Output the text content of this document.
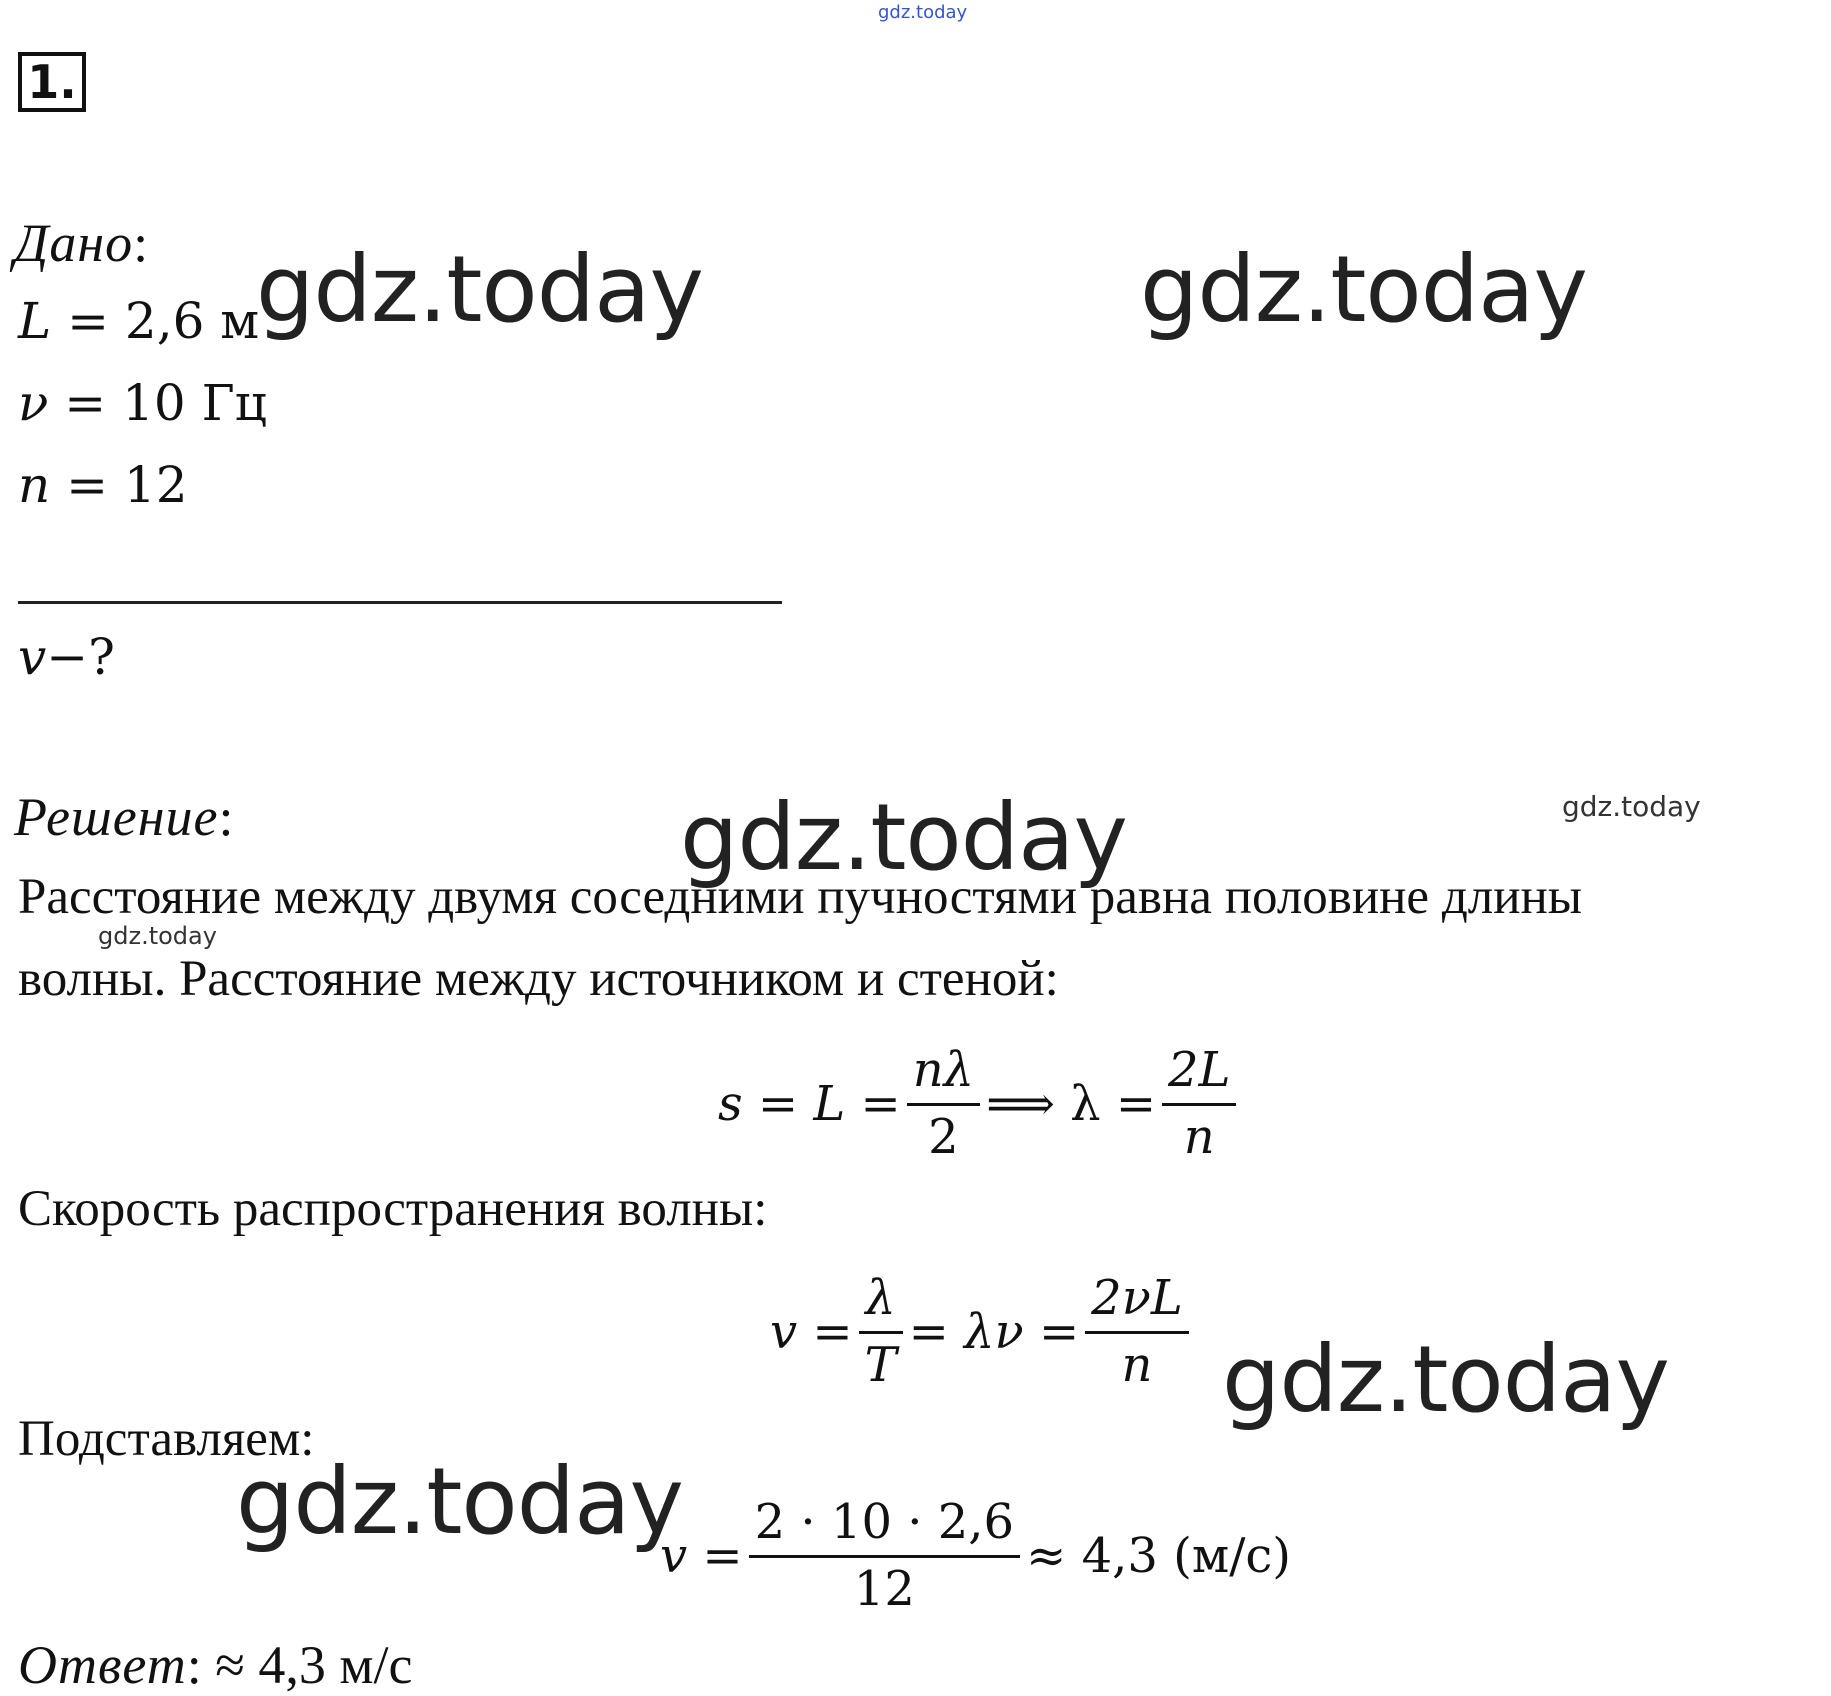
gdz.today
1.
Дано:
L = 2,6 м
ν = 10 Гц
n = 12
v−?
Решение:
Расстояние между двумя соседними пучностями равна половине длины
волны. Расстояние между источником и стеной:
$s = L = \frac{n\lambda}{2}$ ⟹ $\lambda = \frac{2L}{n}$
Скорость распространения волны:
$v = \frac{\lambda}{T} = \lambda\nu = \frac{2\nu L}{n}$
Подставляем:
$v = \frac{2 \cdot 10 \cdot 2,6}{12} \approx 4,3$ (м/с)
Ответ: ≈ 4,3 м/с
gdz.today	gdz.today
gdz.today
gdz.today
gdz.today
gdz.today
gdz.today
